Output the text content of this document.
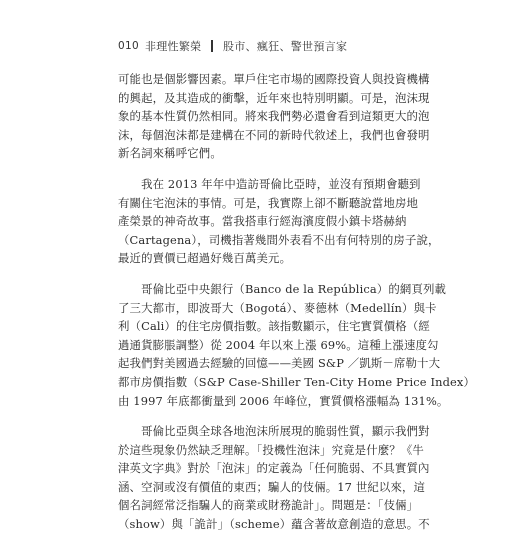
010 非理性繁榮 股市、瘋狂、警世預言家

可能也是個影響因素。單戶住宅市場的國際投資人與投資機構
的興起，及其造成的衝擊，近年來也特別明顯。可是，泡沫現
象的基本性質仍然相同。將來我們勢必還會看到這類更大的泡
沫，每個泡沫都是建構在不同的新時代敘述上，我們也會發明
新名詞來稱呼它們。

　　我在 2013 年年中造訪哥倫比亞時，並沒有預期會聽到
有關住宅泡沫的事情。可是，我實際上卻不斷聽說當地房地
產榮景的神奇故事。當我搭車行經海濱度假小鎮卡塔赫納
（Cartagena），司機指著幾間外表看不出有何特別的房子說，
最近的賣價已超過好幾百萬美元。

　　哥倫比亞中央銀行（Banco de la República）的網頁列載
了三大都市，即波哥大（Bogotá）、麥德林（Medellín）與卡
利（Cali）的住宅房價指數。該指數顯示，住宅實質價格（經
過通貨膨脹調整）從 2004 年以來上漲 69%。這種上漲速度勾
起我們對美國過去經驗的回憶——美國 S&P ／凱斯－席勒十大
都市房價指數（S&P Case-Shiller Ten-City Home Price Index）
由 1997 年底都衝量到 2006 年峰位，實質價格漲幅為 131%。

　　哥倫比亞與全球各地泡沫所展現的脆弱性質，顯示我們對
於這些現象仍然缺乏理解。「投機性泡沫」究竟是什麼？《牛
津英文字典》對於「泡沫」的定義為「任何脆弱、不具實質內
涵、空洞或沒有價值的東西；騙人的伎倆。17 世紀以來，這
個名詞經常泛指騙人的商業或財務詭計」。問題是：「伎倆」
（show）與「詭計」（scheme）蘊含著故意創造的意思。不
